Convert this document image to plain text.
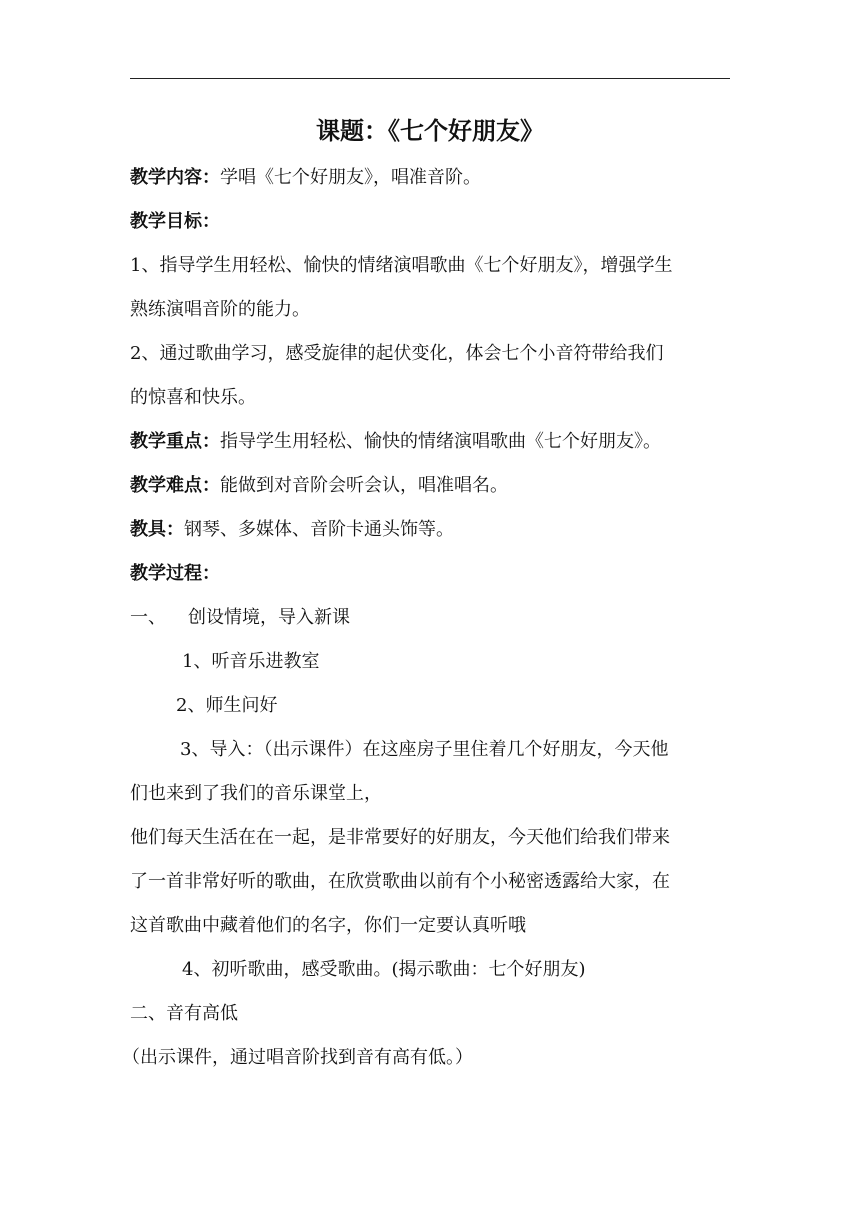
课题：《七个好朋友》

教学内容：学唱《七个好朋友》，唱准音阶。

教学目标：

1、指导学生用轻松、愉快的情绪演唱歌曲《七个好朋友》，增强学生

熟练演唱音阶的能力。

2、通过歌曲学习，感受旋律的起伏变化，体会七个小音符带给我们

的惊喜和快乐。

教学重点：指导学生用轻松、愉快的情绪演唱歌曲《七个好朋友》。

教学难点：能做到对音阶会听会认，唱准唱名。

教具：钢琴、多媒体、音阶卡通头饰等。

教学过程：

一、 创设情境，导入新课

1、听音乐进教室

2、师生问好

3、导入：（出示课件）在这座房子里住着几个好朋友，今天他

们也来到了我们的音乐课堂上，

他们每天生活在在一起，是非常要好的好朋友，今天他们给我们带来

了一首非常好听的歌曲，在欣赏歌曲以前有个小秘密透露给大家，在

这首歌曲中藏着他们的名字，你们一定要认真听哦

4、初听歌曲，感受歌曲。(揭示歌曲：七个好朋友)

二、音有高低

（出示课件，通过唱音阶找到音有高有低。）
